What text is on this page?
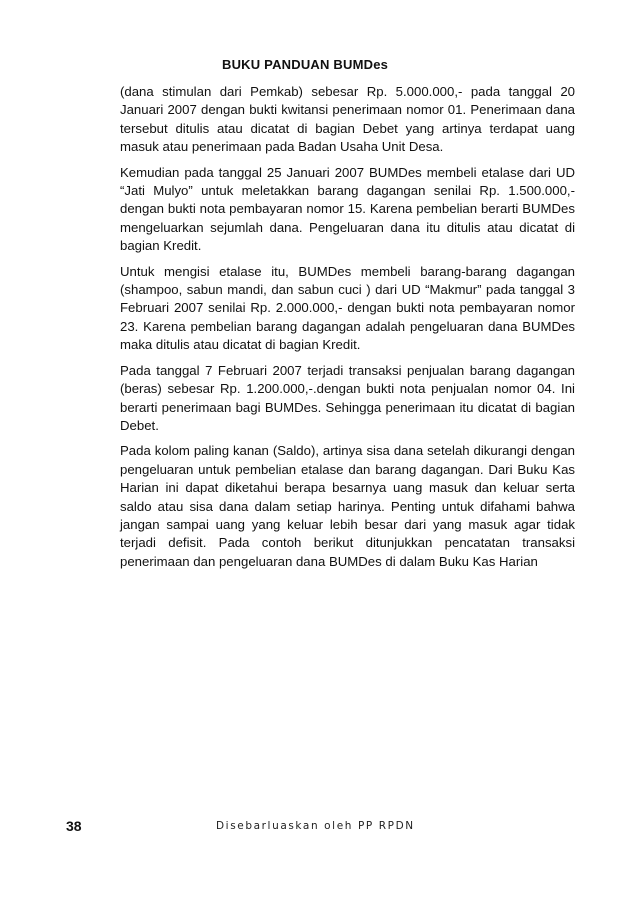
BUKU PANDUAN BUMDes

(dana stimulan dari Pemkab) sebesar Rp. 5.000.000,- pada tanggal 20 Januari 2007 dengan bukti kwitansi penerimaan nomor 01. Penerimaan dana tersebut ditulis atau dicatat di bagian Debet yang artinya terdapat uang masuk atau penerimaan pada Badan Usaha Unit Desa.

Kemudian pada tanggal 25 Januari 2007 BUMDes membeli etalase dari UD “Jati Mulyo” untuk meletakkan barang dagangan senilai Rp. 1.500.000,- dengan bukti nota pembayaran nomor 15. Karena pembelian berarti BUMDes mengeluarkan sejumlah dana. Pengeluaran dana itu ditulis atau dicatat di bagian Kredit.

Untuk mengisi etalase itu, BUMDes membeli barang-barang dagangan (shampoo, sabun mandi, dan sabun cuci ) dari UD “Makmur” pada tanggal 3 Februari 2007 senilai Rp. 2.000.000,- dengan bukti nota pembayaran nomor 23. Karena pembelian barang dagangan adalah pengeluaran dana BUMDes maka ditulis atau dicatat di bagian Kredit.

Pada tanggal 7 Februari 2007 terjadi transaksi penjualan barang dagangan (beras) sebesar Rp. 1.200.000,-.dengan bukti nota penjualan nomor 04. Ini berarti penerimaan bagi BUMDes. Sehingga penerimaan itu dicatat di bagian Debet.

Pada kolom paling kanan (Saldo), artinya sisa dana setelah dikurangi dengan pengeluaran untuk pembelian etalase dan barang dagangan. Dari Buku Kas Harian ini dapat diketahui berapa besarnya uang masuk dan keluar serta saldo atau sisa dana dalam setiap harinya. Penting untuk difahami bahwa jangan sampai uang yang keluar lebih besar dari yang masuk agar tidak terjadi defisit. Pada contoh berikut ditunjukkan pencatatan transaksi penerimaan dan pengeluaran dana BUMDes di dalam Buku Kas Harian

38	Disebarluaskan oleh PP RPDN
